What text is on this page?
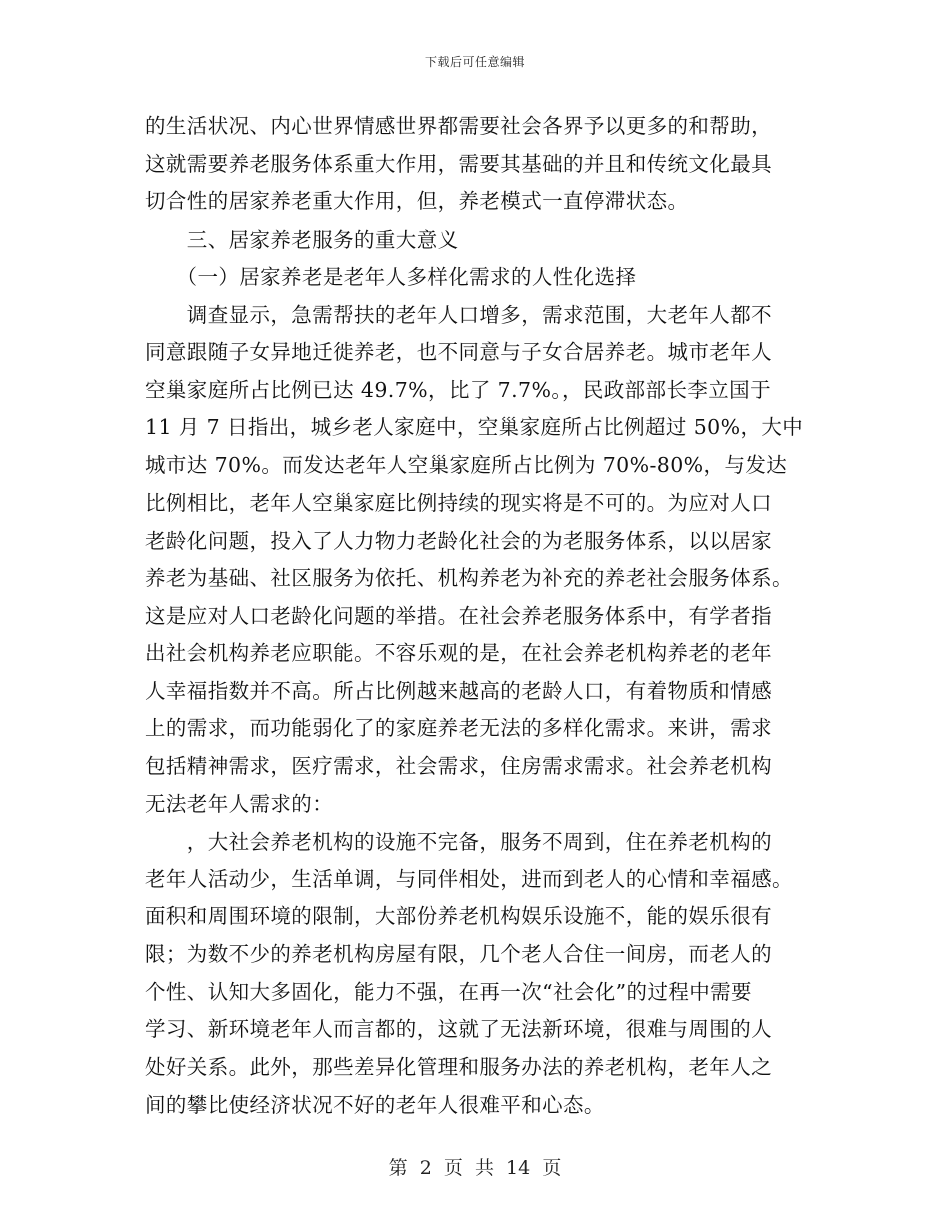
下载后可任意编辑
的生活状况、内心世界情感世界都需要社会各界予以更多的和帮助，
这就需要养老服务体系重大作用，需要其基础的并且和传统文化最具
切合性的居家养老重大作用，但，养老模式一直停滞状态。
　　三、居家养老服务的重大意义
　　（一）居家养老是老年人多样化需求的人性化选择
　　调查显示，急需帮扶的老年人口增多，需求范围，大老年人都不
同意跟随子女异地迁徙养老，也不同意与子女合居养老。城市老年人
空巢家庭所占比例已达 49.7%，比了 7.7%。，民政部部长李立国于
11 月 7 日指出，城乡老人家庭中，空巢家庭所占比例超过 50%，大中
城市达 70%。而发达老年人空巢家庭所占比例为 70%-80%，与发达
比例相比，老年人空巢家庭比例持续的现实将是不可的。为应对人口
老龄化问题，投入了人力物力老龄化社会的为老服务体系，以以居家
养老为基础、社区服务为依托、机构养老为补充的养老社会服务体系。
这是应对人口老龄化问题的举措。在社会养老服务体系中，有学者指
出社会机构养老应职能。不容乐观的是，在社会养老机构养老的老年
人幸福指数并不高。所占比例越来越高的老龄人口，有着物质和情感
上的需求，而功能弱化了的家庭养老无法的多样化需求。来讲，需求
包括精神需求，医疗需求，社会需求，住房需求需求。社会养老机构
无法老年人需求的：
　　，大社会养老机构的设施不完备，服务不周到，住在养老机构的
老年人活动少，生活单调，与同伴相处，进而到老人的心情和幸福感。
面积和周围环境的限制，大部份养老机构娱乐设施不，能的娱乐很有
限；为数不少的养老机构房屋有限，几个老人合住一间房，而老人的
个性、认知大多固化，能力不强，在再一次“社会化”的过程中需要
学习、新环境老年人而言都的，这就了无法新环境，很难与周围的人
处好关系。此外，那些差异化管理和服务办法的养老机构，老年人之
间的攀比使经济状况不好的老年人很难平和心态。
第  2  页  共  14  页
